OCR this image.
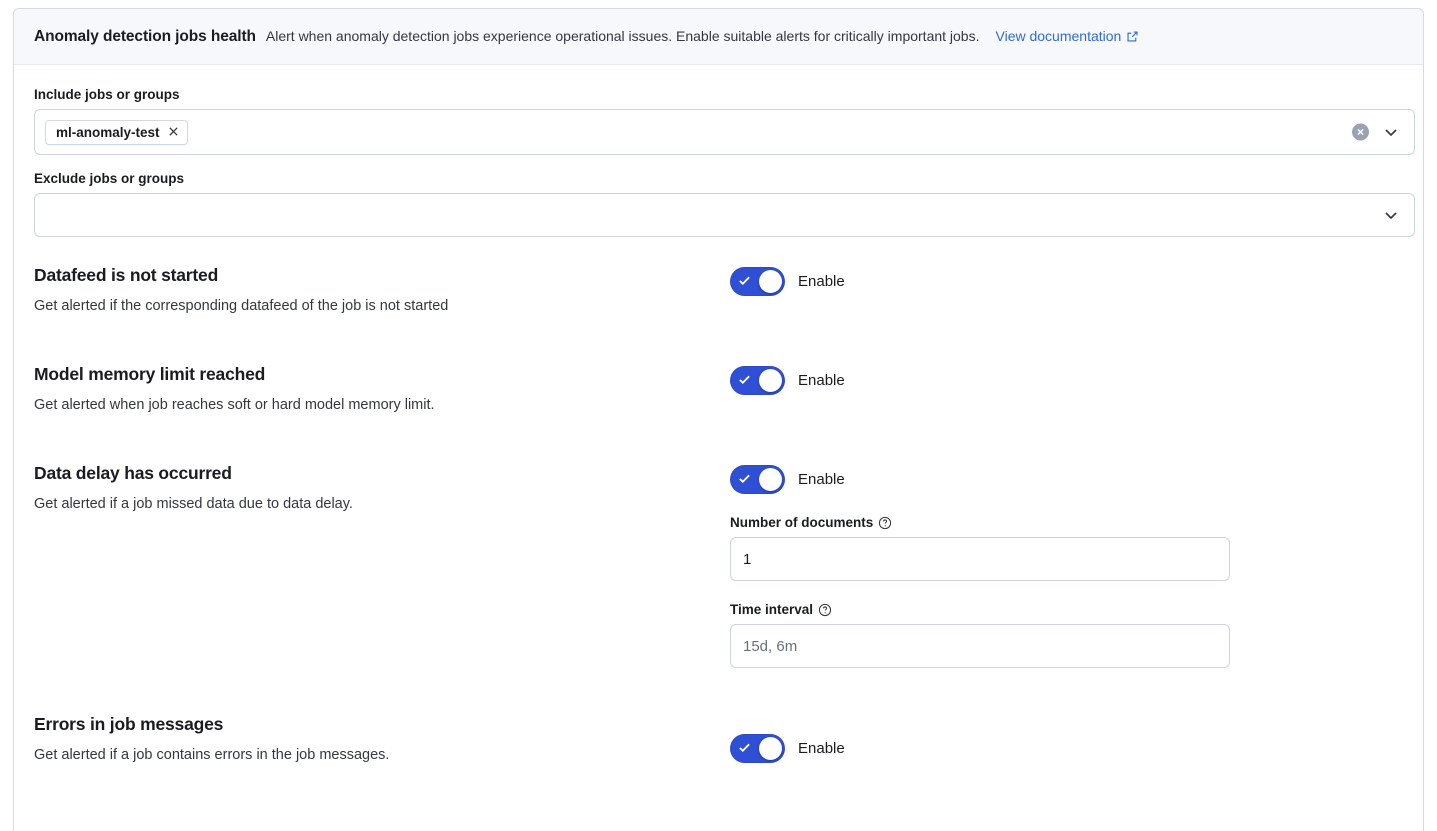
Anomaly detection jobs health Alert when anomaly detection jobs experience operational issues. Enable suitable alerts for critically important jobs. View documentation
Include jobs or groups
ml-anomaly-test
Exclude jobs or groups
Datafeed is not started
Get alerted if the corresponding datafeed of the job is not started
Enable
Model memory limit reached
Get alerted when job reaches soft or hard model memory limit.
Enable
Data delay has occurred
Get alerted if a job missed data due to data delay.
Enable
Number of documents
1
Time interval
15d, 6m
Errors in job messages
Get alerted if a job contains errors in the job messages.	Enable
